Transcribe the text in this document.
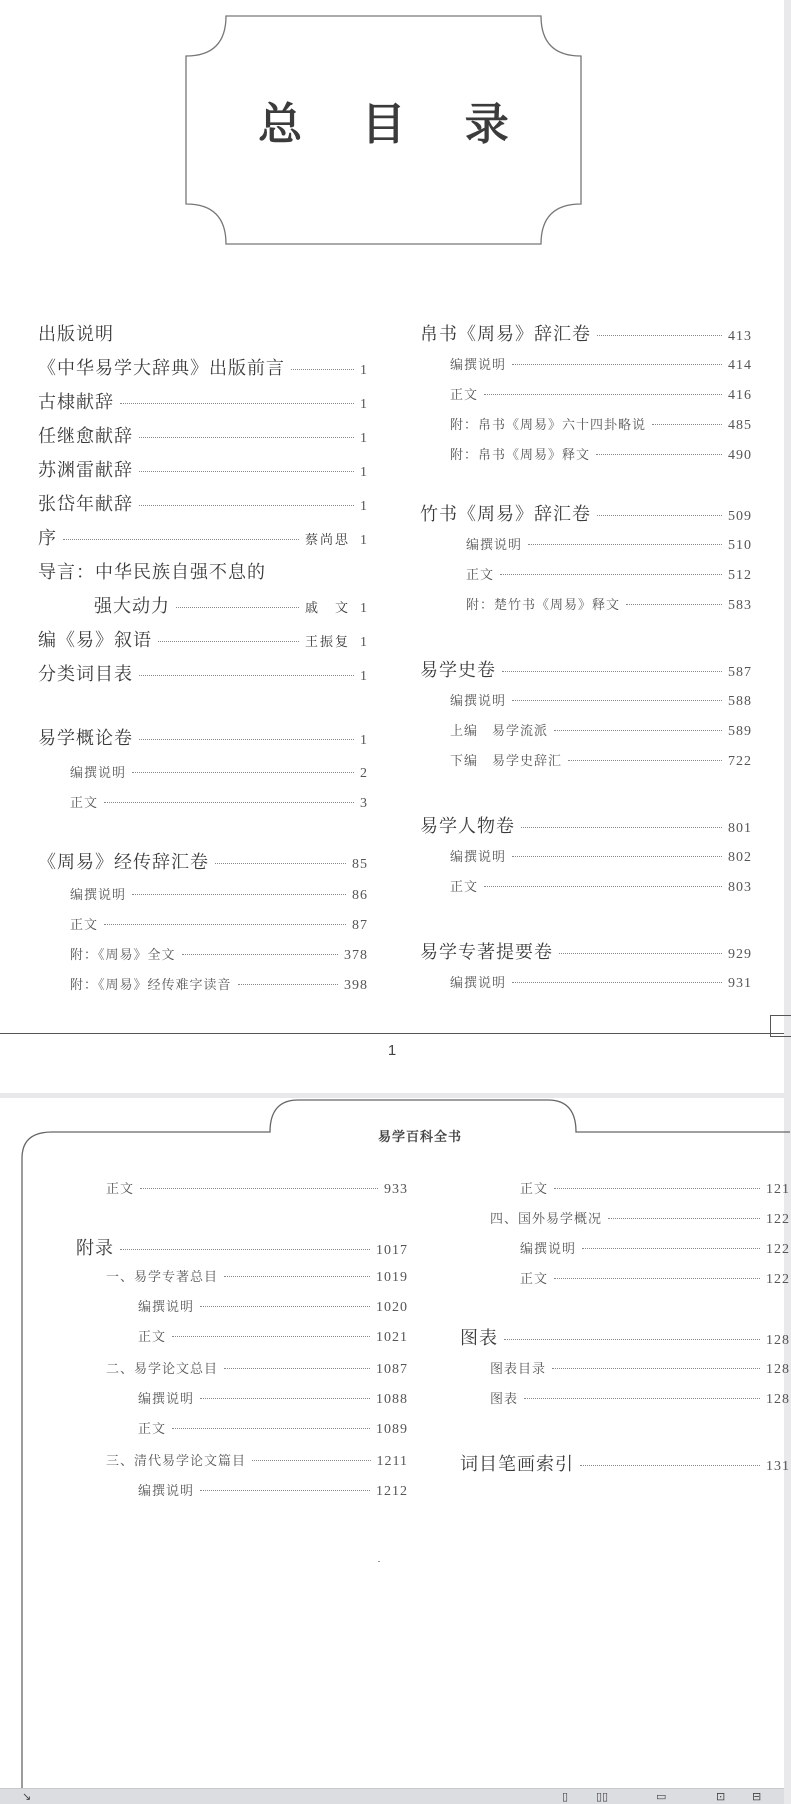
总 目 录
1
出版说明
《中华易学大辞典》出版前言	1
古棣献辞	1
任继愈献辞	1
苏渊雷献辞	1
张岱年献辞	1
序	蔡尚思 1
导言：中华民族自强不息的
强大动力	戚　文 1
编《易》叙语	王振复 1
分类词目表	1
易学概论卷	1
编撰说明	2
正文	3
《周易》经传辞汇卷	85
编撰说明	86
正文	87
附：《周易》全文	378
附：《周易》经传难字读音	398
帛书《周易》辞汇卷	413
编撰说明	414
正文	416
附：帛书《周易》六十四卦略说	485
附：帛书《周易》释文	490
竹书《周易》辞汇卷	509
编撰说明	510
正文	512
附：楚竹书《周易》释文	583
易学史卷	587
编撰说明	588
上编　易学流派	589
下编　易学史辞汇	722
易学人物卷	801
编撰说明	802
正文	803
易学专著提要卷	929
编撰说明	931
易学百科全书
正文	933
附录	1017
一、易学专著总目	1019
编撰说明	1020
正文	1021
二、易学论文总目	1087
编撰说明	1088
正文	1089
三、清代易学论文篇目	1211
编撰说明	1212
正文	121
四、国外易学概况	122
编撰说明	122
正文	122
图表	128
图表目录	128
图表	128
词目笔画索引	131
↘	▯	▯▯	▭	⊡ ⊟
